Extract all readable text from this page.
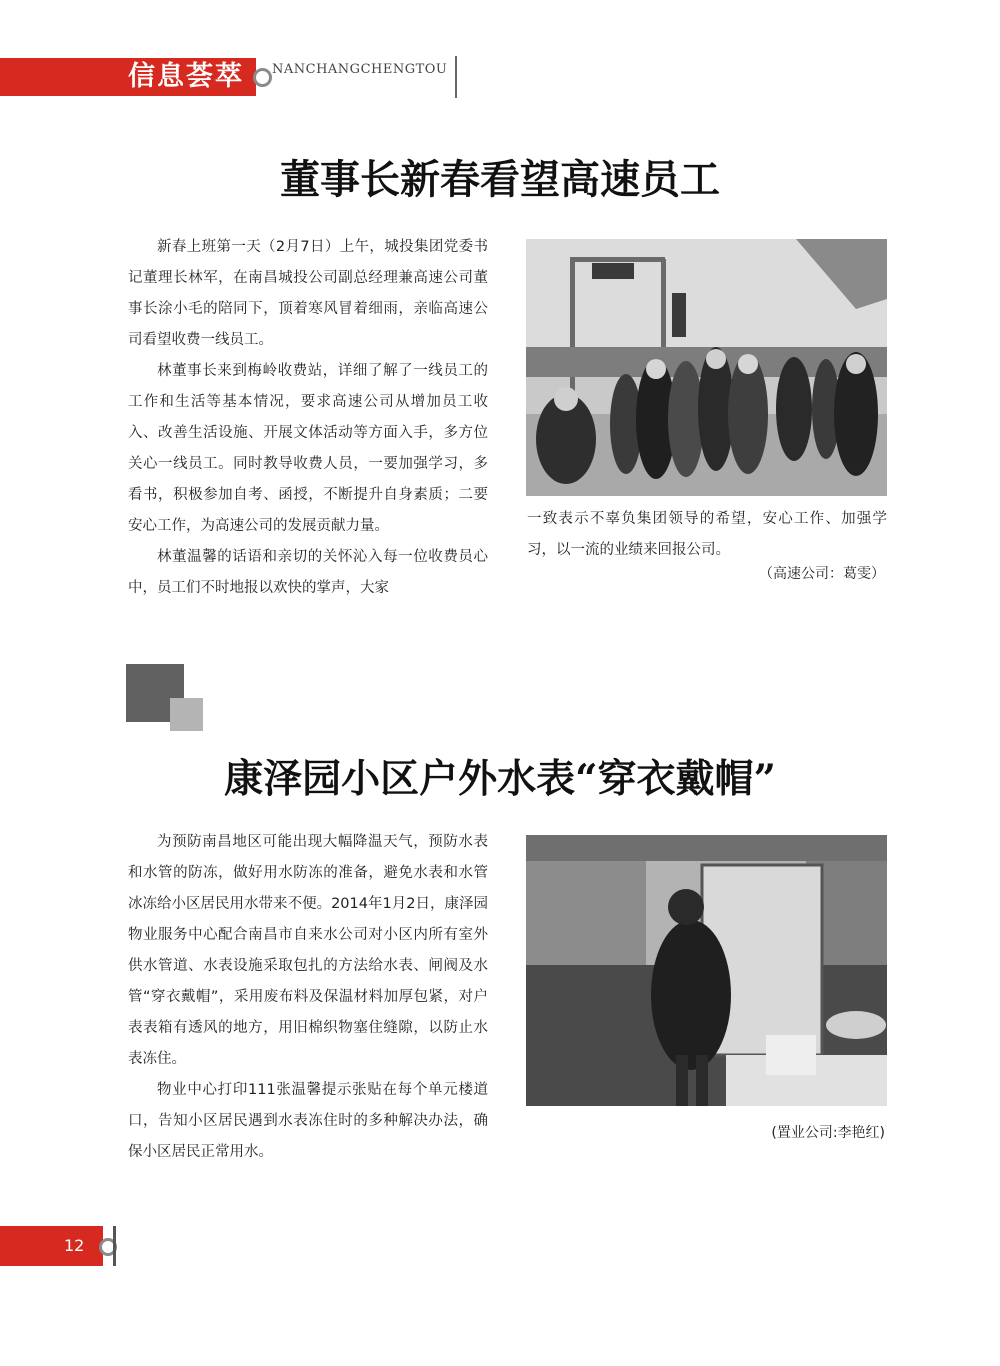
信息荟萃 NANCHANGCHENGTOU
董事长新春看望高速员工

新春上班第一天（2月7日）上午，城投集团党委书记董理长林军，在南昌城投公司副总经理兼高速公司董事长涂小毛的陪同下，顶着寒风冒着细雨，亲临高速公司看望收费一线员工。

林董事长来到梅岭收费站，详细了解了一线员工的工作和生活等基本情况，要求高速公司从增加员工收入、改善生活设施、开展文体活动等方面入手，多方位关心一线员工。同时教导收费人员，一要加强学习，多看书，积极参加自考、函授，不断提升自身素质；二要安心工作，为高速公司的发展贡献力量。

林董温馨的话语和亲切的关怀沁入每一位收费员心中，员工们不时地报以欢快的掌声，大家

一致表示不辜负集团领导的希望，安心工作、加强学习，以一流的业绩来回报公司。
（高速公司：葛雯）
康泽园小区户外水表“穿衣戴帽”

为预防南昌地区可能出现大幅降温天气，预防水表和水管的防冻，做好用水防冻的准备，避免水表和水管冰冻给小区居民用水带来不便。2014年1月2日，康泽园物业服务中心配合南昌市自来水公司对小区内所有室外供水管道、水表设施采取包扎的方法给水表、闸阀及水管“穿衣戴帽”，采用废布料及保温材料加厚包紧，对户表表箱有透风的地方，用旧棉织物塞住缝隙，以防止水表冻住。

物业中心打印111张温馨提示张贴在每个单元楼道口，告知小区居民遇到水表冻住时的多种解决办法，确保小区居民正常用水。

(置业公司:李艳红)
12
